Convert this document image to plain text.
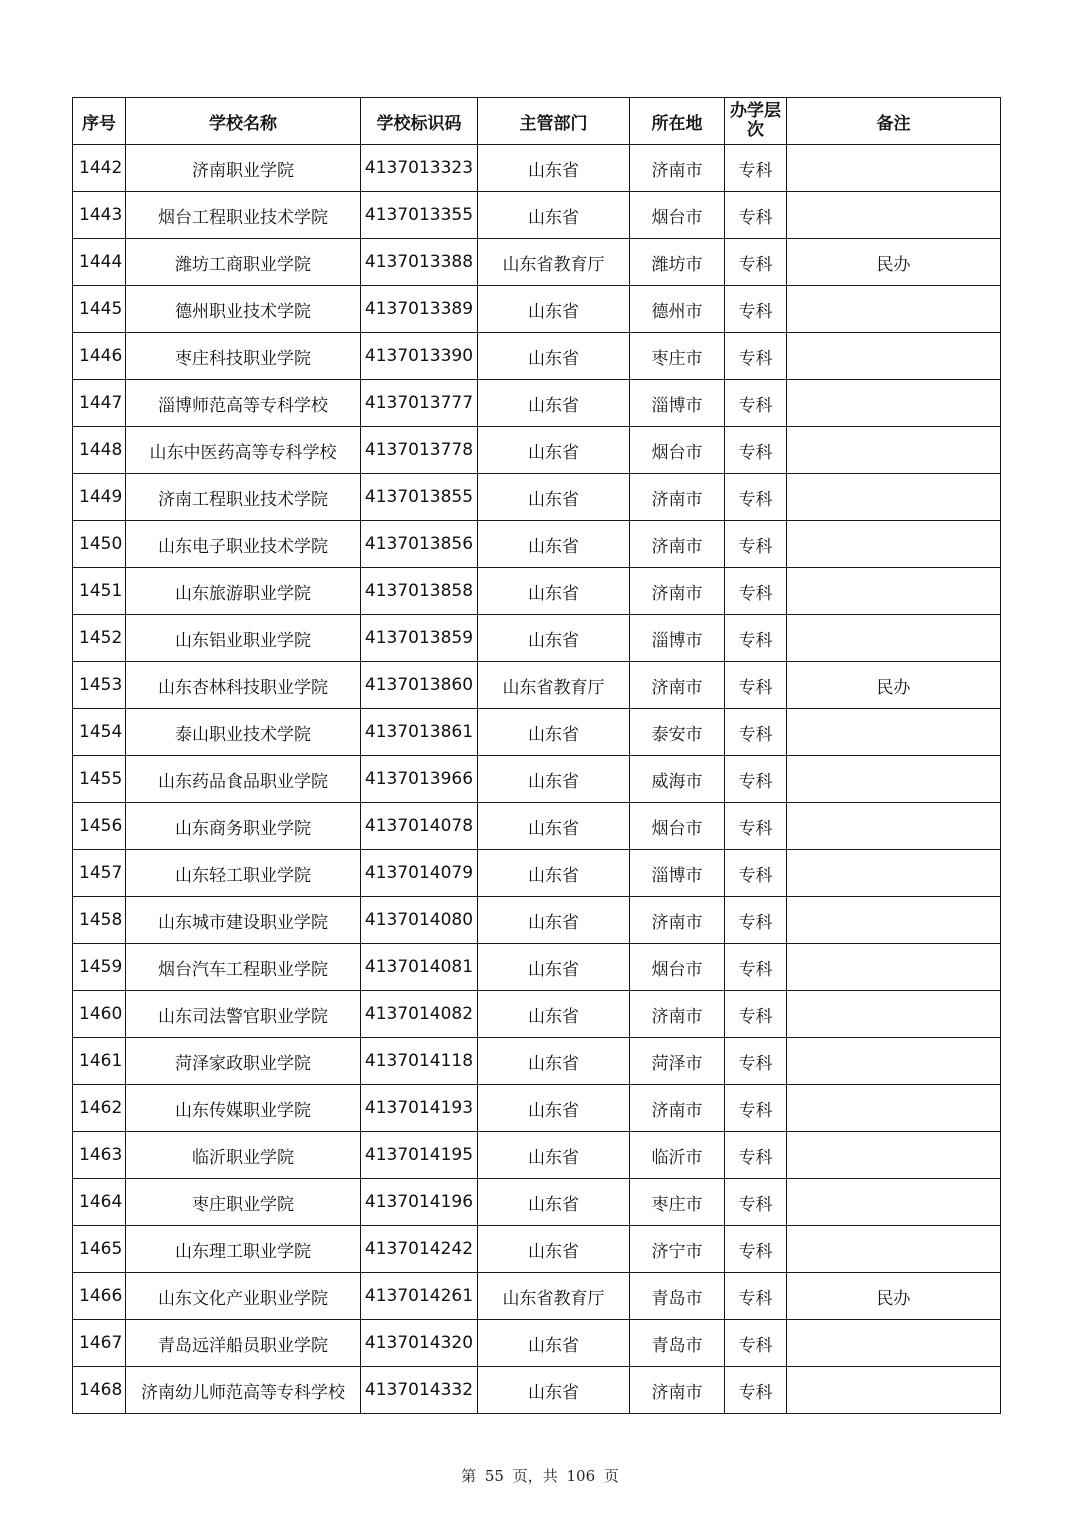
序号	学校名称	学校标识码	主管部门	所在地	办学层次	备注
1442	济南职业学院	4137013323	山东省	济南市	专科	
1443	烟台工程职业技术学院	4137013355	山东省	烟台市	专科	
1444	潍坊工商职业学院	4137013388	山东省教育厅	潍坊市	专科	民办
1445	德州职业技术学院	4137013389	山东省	德州市	专科	
1446	枣庄科技职业学院	4137013390	山东省	枣庄市	专科	
1447	淄博师范高等专科学校	4137013777	山东省	淄博市	专科	
1448	山东中医药高等专科学校	4137013778	山东省	烟台市	专科	
1449	济南工程职业技术学院	4137013855	山东省	济南市	专科	
1450	山东电子职业技术学院	4137013856	山东省	济南市	专科	
1451	山东旅游职业学院	4137013858	山东省	济南市	专科	
1452	山东铝业职业学院	4137013859	山东省	淄博市	专科	
1453	山东杏林科技职业学院	4137013860	山东省教育厅	济南市	专科	民办
1454	泰山职业技术学院	4137013861	山东省	泰安市	专科	
1455	山东药品食品职业学院	4137013966	山东省	威海市	专科	
1456	山东商务职业学院	4137014078	山东省	烟台市	专科	
1457	山东轻工职业学院	4137014079	山东省	淄博市	专科	
1458	山东城市建设职业学院	4137014080	山东省	济南市	专科	
1459	烟台汽车工程职业学院	4137014081	山东省	烟台市	专科	
1460	山东司法警官职业学院	4137014082	山东省	济南市	专科	
1461	菏泽家政职业学院	4137014118	山东省	菏泽市	专科	
1462	山东传媒职业学院	4137014193	山东省	济南市	专科	
1463	临沂职业学院	4137014195	山东省	临沂市	专科	
1464	枣庄职业学院	4137014196	山东省	枣庄市	专科	
1465	山东理工职业学院	4137014242	山东省	济宁市	专科	
1466	山东文化产业职业学院	4137014261	山东省教育厅	青岛市	专科	民办
1467	青岛远洋船员职业学院	4137014320	山东省	青岛市	专科	
1468	济南幼儿师范高等专科学校	4137014332	山东省	济南市	专科	
第 55 页，共 106 页
